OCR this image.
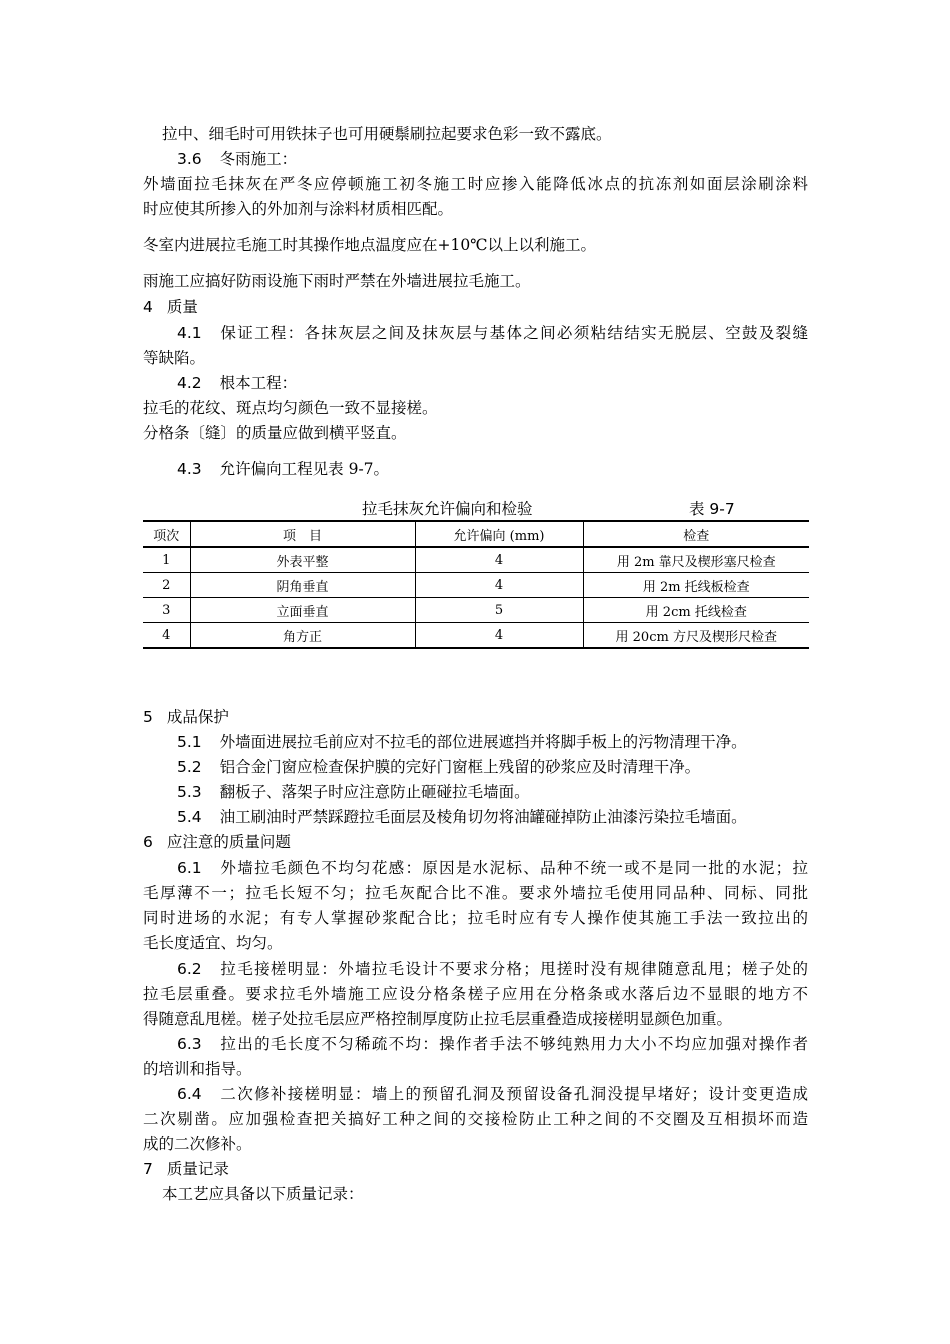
拉中、细毛时可用铁抹子也可用硬鬃刷拉起要求色彩一致不露底。
3.6 冬雨施工：
外墙面拉毛抹灰在严冬应停顿施工初冬施工时应掺入能降低冰点的抗冻剂如面层涂刷涂料
时应使其所掺入的外加剂与涂料材质相匹配。
冬室内进展拉毛施工时其操作地点温度应在+10℃以上以利施工。
雨施工应搞好防雨设施下雨时严禁在外墙进展拉毛施工。
4 质量
4.1 保证工程：各抹灰层之间及抹灰层与基体之间必须粘结结实无脱层、空鼓及裂缝
等缺陷。
4.2 根本工程：
拉毛的花纹、斑点均匀颜色一致不显接槎。
分格条〔缝〕的质量应做到横平竖直。
4.3 允许偏向工程见表 9-7。
拉毛抹灰允许偏向和检验	表 9-7
项次	项　目	允许偏向 (mm)	检查
1	外表平整	4	用 2m 靠尺及楔形塞尺检查
2	阴角垂直	4	用 2m 托线板检查
3	立面垂直	5	用 2cm 托线检查
4	角方正	4	用 20cm 方尺及楔形尺检查
5 成品保护
5.1 外墙面进展拉毛前应对不拉毛的部位进展遮挡并将脚手板上的污物清理干净。
5.2 铝合金门窗应检查保护膜的完好门窗框上残留的砂浆应及时清理干净。
5.3 翻板子、落架子时应注意防止砸碰拉毛墙面。
5.4 油工刷油时严禁踩蹬拉毛面层及棱角切勿将油罐碰掉防止油漆污染拉毛墙面。
6 应注意的质量问题
6.1 外墙拉毛颜色不均匀花感：原因是水泥标、品种不统一或不是同一批的水泥；拉
毛厚薄不一；拉毛长短不匀；拉毛灰配合比不准。要求外墙拉毛使用同品种、同标、同批
同时进场的水泥；有专人掌握砂浆配合比；拉毛时应有专人操作使其施工手法一致拉出的
毛长度适宜、均匀。
6.2 拉毛接槎明显：外墙拉毛设计不要求分格；甩搓时没有规律随意乱甩；槎子处的
拉毛层重叠。要求拉毛外墙施工应设分格条槎子应用在分格条或水落后边不显眼的地方不
得随意乱甩槎。槎子处拉毛层应严格控制厚度防止拉毛层重叠造成接槎明显颜色加重。
6.3 拉出的毛长度不匀稀疏不均：操作者手法不够纯熟用力大小不均应加强对操作者
的培训和指导。
6.4 二次修补接槎明显：墙上的预留孔洞及预留设备孔洞没提早堵好；设计变更造成
二次剔凿。应加强检查把关搞好工种之间的交接检防止工种之间的不交圈及互相损坏而造
成的二次修补。
7 质量记录
本工艺应具备以下质量记录：
